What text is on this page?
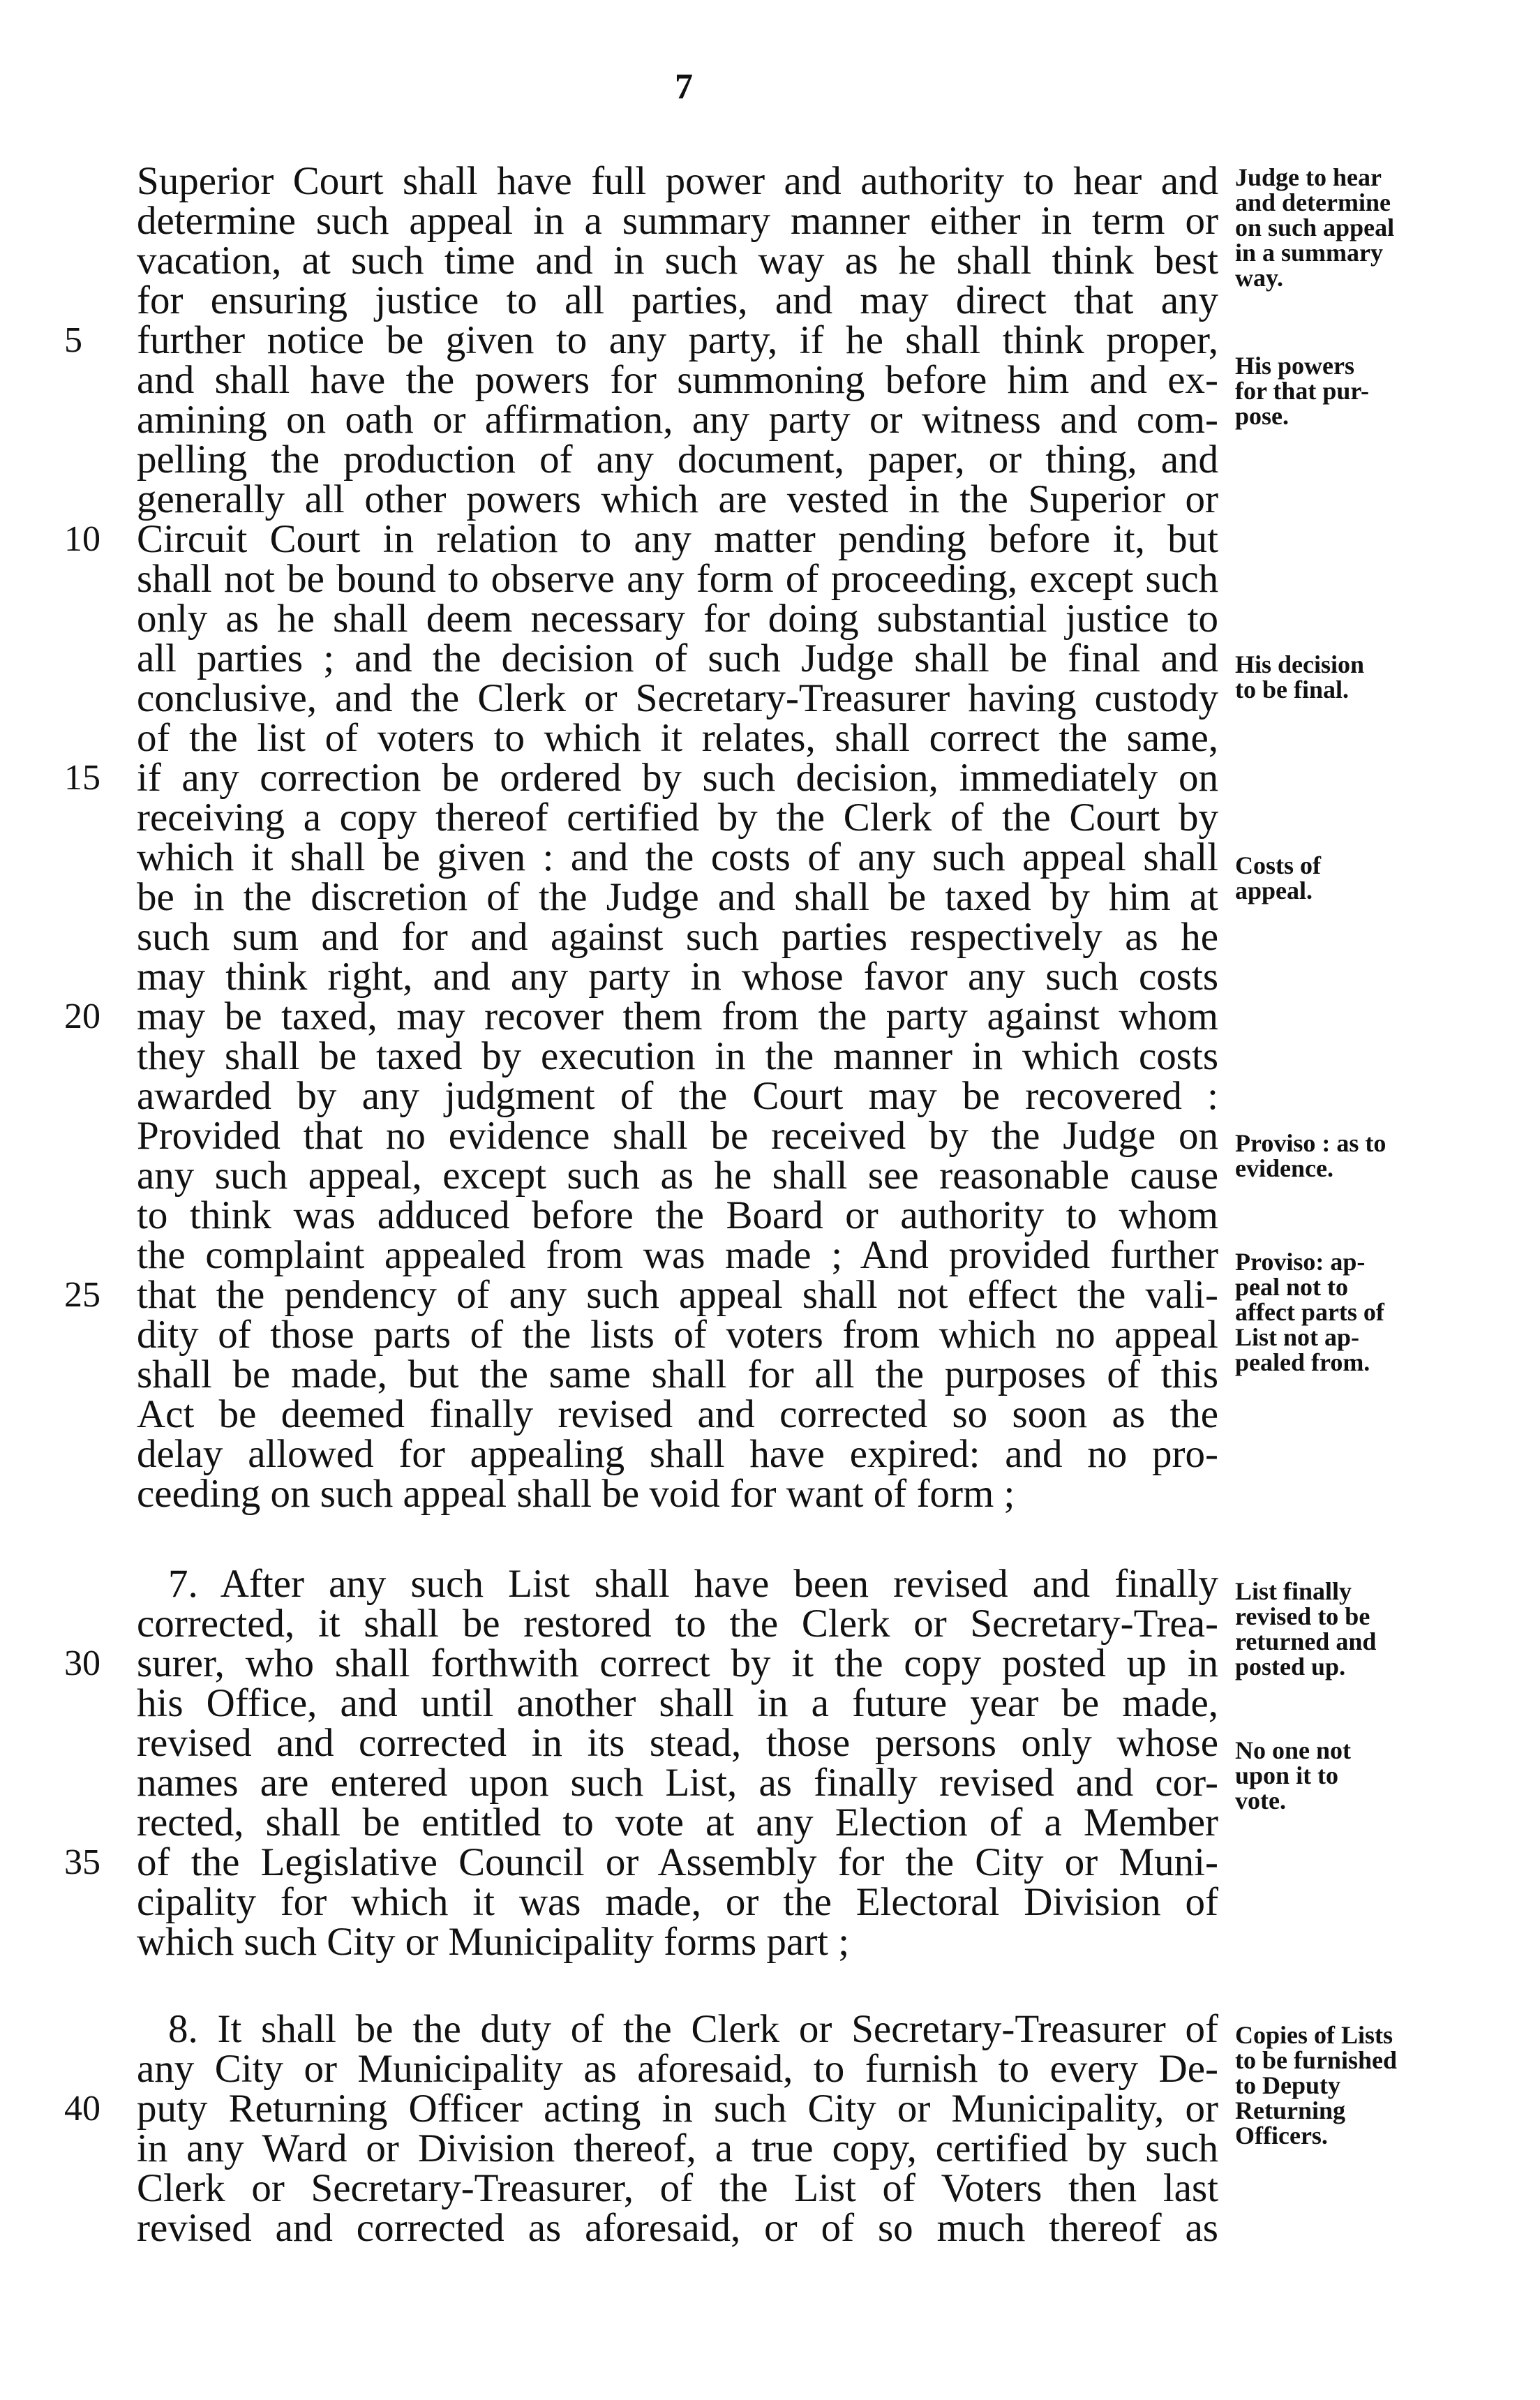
7
Superior Court shall have full power and authority to hear and
determine such appeal in a summary manner either in term or
vacation, at such time and in such way as he shall think best
for ensuring justice to all parties, and may direct that any
5	further notice be given to any party, if he shall think proper,
and shall have the powers for summoning before him and ex-
amining on oath or affirmation, any party or witness and com-
pelling the production of any document, paper, or thing, and
generally all other powers which are vested in the Superior or
10 Circuit Court in relation to any matter pending before it, but
shall not be bound to observe any form of proceeding, except such
only as he shall deem necessary for doing substantial justice to
all parties ; and the decision of such Judge shall be final and
conclusive, and the Clerk or Secretary-Treasurer having custody
of the list of voters to which it relates, shall correct the same,
15 if any correction be ordered by such decision, immediately on
receiving a copy thereof certified by the Clerk of the Court by
which it shall be given : and the costs of any such appeal shall
be in the discretion of the Judge and shall be taxed by him at
such sum and for and against such parties respectively as he
may think right, and any party in whose favor any such costs
20 may be taxed, may recover them from the party against whom
they shall be taxed by execution in the manner in which costs
awarded by any judgment of the Court may be recovered :
Provided that no evidence shall be received by the Judge on
any such appeal, except such as he shall see reasonable cause
to think was adduced before the Board or authority to whom
the complaint appealed from was made ; And provided further
25 that the pendency of any such appeal shall not effect the vali-
dity of those parts of the lists of voters from which no appeal
shall be made, but the same shall for all the purposes of this
Act be deemed finally revised and corrected so soon as the
delay allowed for appealing shall have expired: and no pro-
ceeding on such appeal shall be void for want of form ;
7. After any such List shall have been revised and finally
corrected, it shall be restored to the Clerk or Secretary-Trea-
30 surer, who shall forthwith correct by it the copy posted up in
his Office, and until another shall in a future year be made,
revised and corrected in its stead, those persons only whose
names are entered upon such List, as finally revised and cor-
rected, shall be entitled to vote at any Election of a Member
35 of the Legislative Council or Assembly for the City or Muni-
cipality for which it was made, or the Electoral Division of
which such City or Municipality forms part ;
8. It shall be the duty of the Clerk or Secretary-Treasurer of
any City or Municipality as aforesaid, to furnish to every De-
40 puty Returning Officer acting in such City or Municipality, or
in any Ward or Division thereof, a true copy, certified by such
Clerk or Secretary-Treasurer, of the List of Voters then last
revised and corrected as aforesaid, or of so much thereof as
Judge to hear
and determine
on such appeal
in a summary
way.
His powers
for that pur-
pose.
His decision
to be final.
Costs of
appeal.
Proviso : as to
evidence.
Proviso: ap-
peal not to
affect parts of
List not ap-
pealed from.
List finally
revised to be
returned and
posted up.
No one not
upon it to
vote.
Copies of Lists
to be furnished
to Deputy
Returning
Officers.
